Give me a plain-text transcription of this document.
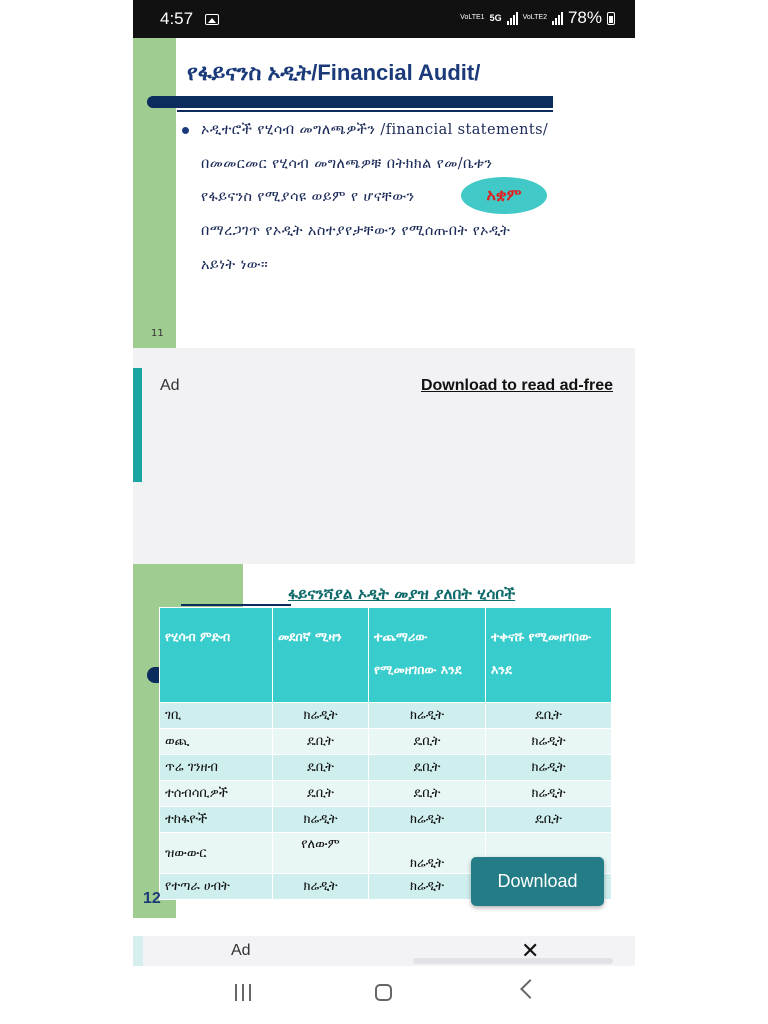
4:57	VoLTE1 5G	VoLTE2 78%
የፋይናንስ ኦዲት/Financial Audit/
ኦዲተሮች የሂሳብ መግለጫዎችን /financial statements/
በመመርመር የሂሳብ መግለጫዎቹ በትክክል የመ/ቤቱን
የፋይናንስ የሚያሳዩ ወይም የ ሆናቸውን
በማረጋገጥ የኦዲት አስተያየታቸውን የሚሰጡበት የኦዲት
አይነት ነው።
አቋም
11
Ad	Download to read ad-free
ፋይናንሻያል ኦዲት መያዝ ያለበት ሂሳቦች
የሂሳብ ምድብ	መደበኛ ሚዛን	ተጨማሪው የሚመዘገበው እንደ	ተቀናሹ የሚመዘገበው እንደ
ገቢ	ክሬዲት	ክሬዲት	ዴቢት
ወጪ	ዴቢት	ዴቢት	ክሬዲት
ጥሬ ገንዘብ	ዴቢት	ዴቢት	ክሬዲት
ተሰብሳቢዎች	ዴቢት	ዴቢት	ክሬዲት
ተከፋዮች	ክሬዲት	ክሬዲት	ዴቢት
ዝውውር	የለውም	ክሬዲት	
የተጣራ ሀብት	ክሬዲት	ክሬዲት	
12
Download
Ad	✕
